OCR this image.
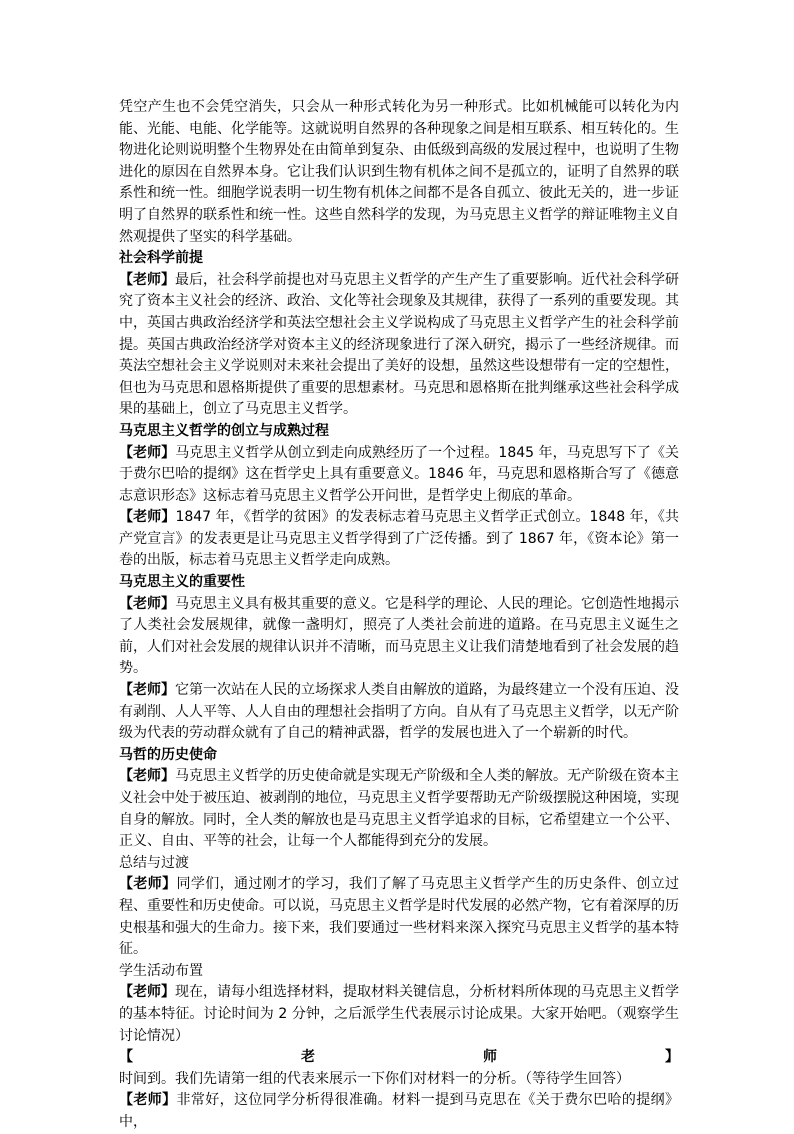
凭空产生也不会凭空消失，只会从一种形式转化为另一种形式。比如机械能可以转化为内能、光能、电能、化学能等。这就说明自然界的各种现象之间是相互联系、相互转化的。生物进化论则说明整个生物界处在由简单到复杂、由低级到高级的发展过程中，也说明了生物进化的原因在自然界本身。它让我们认识到生物有机体之间不是孤立的，证明了自然界的联系性和统一性。细胞学说表明一切生物有机体之间都不是各自孤立、彼此无关的，进一步证明了自然界的联系性和统一性。这些自然科学的发现，为马克思主义哲学的辩证唯物主义自然观提供了坚实的科学基础。

社会科学前提

【老师】最后，社会科学前提也对马克思主义哲学的产生产生了重要影响。近代社会科学研究了资本主义社会的经济、政治、文化等社会现象及其规律，获得了一系列的重要发现。其中，英国古典政治经济学和英法空想社会主义学说构成了马克思主义哲学产生的社会科学前提。英国古典政治经济学对资本主义的经济现象进行了深入研究，揭示了一些经济规律。而英法空想社会主义学说则对未来社会提出了美好的设想，虽然这些设想带有一定的空想性，但也为马克思和恩格斯提供了重要的思想素材。马克思和恩格斯在批判继承这些社会科学成果的基础上，创立了马克思主义哲学。

马克思主义哲学的创立与成熟过程

【老师】马克思主义哲学从创立到走向成熟经历了一个过程。1845 年，马克思写下了《关于费尔巴哈的提纲》这在哲学史上具有重要意义。1846 年，马克思和恩格斯合写了《德意志意识形态》这标志着马克思主义哲学公开问世，是哲学史上彻底的革命。

【老师】1847 年，《哲学的贫困》的发表标志着马克思主义哲学正式创立。1848 年，《共产党宣言》的发表更是让马克思主义哲学得到了广泛传播。到了 1867 年，《资本论》第一卷的出版，标志着马克思主义哲学走向成熟。

马克思主义的重要性

【老师】马克思主义具有极其重要的意义。它是科学的理论、人民的理论。它创造性地揭示了人类社会发展规律，就像一盏明灯，照亮了人类社会前进的道路。在马克思主义诞生之前，人们对社会发展的规律认识并不清晰，而马克思主义让我们清楚地看到了社会发展的趋势。

【老师】它第一次站在人民的立场探求人类自由解放的道路，为最终建立一个没有压迫、没有剥削、人人平等、人人自由的理想社会指明了方向。自从有了马克思主义哲学，以无产阶级为代表的劳动群众就有了自己的精神武器，哲学的发展也进入了一个崭新的时代。

马哲的历史使命

【老师】马克思主义哲学的历史使命就是实现无产阶级和全人类的解放。无产阶级在资本主义社会中处于被压迫、被剥削的地位，马克思主义哲学要帮助无产阶级摆脱这种困境，实现自身的解放。同时，全人类的解放也是马克思主义哲学追求的目标，它希望建立一个公平、正义、自由、平等的社会，让每一个人都能得到充分的发展。

总结与过渡

【老师】同学们，通过刚才的学习，我们了解了马克思主义哲学产生的历史条件、创立过程、重要性和历史使命。可以说，马克思主义哲学是时代发展的必然产物，它有着深厚的历史根基和强大的生命力。接下来，我们要通过一些材料来深入探究马克思主义哲学的基本特征。

学生活动布置

【老师】现在，请每小组选择材料，提取材料关键信息，分析材料所体现的马克思主义哲学的基本特征。讨论时间为 2 分钟，之后派学生代表展示讨论成果。大家开始吧。（观察学生讨论情况）

【老师】时间到。我们先请第一组的代表来展示一下你们对材料一的分析。（等待学生回答）

【老师】非常好，这位同学分析得很准确。材料一提到马克思在《关于费尔巴哈的提纲》中，
